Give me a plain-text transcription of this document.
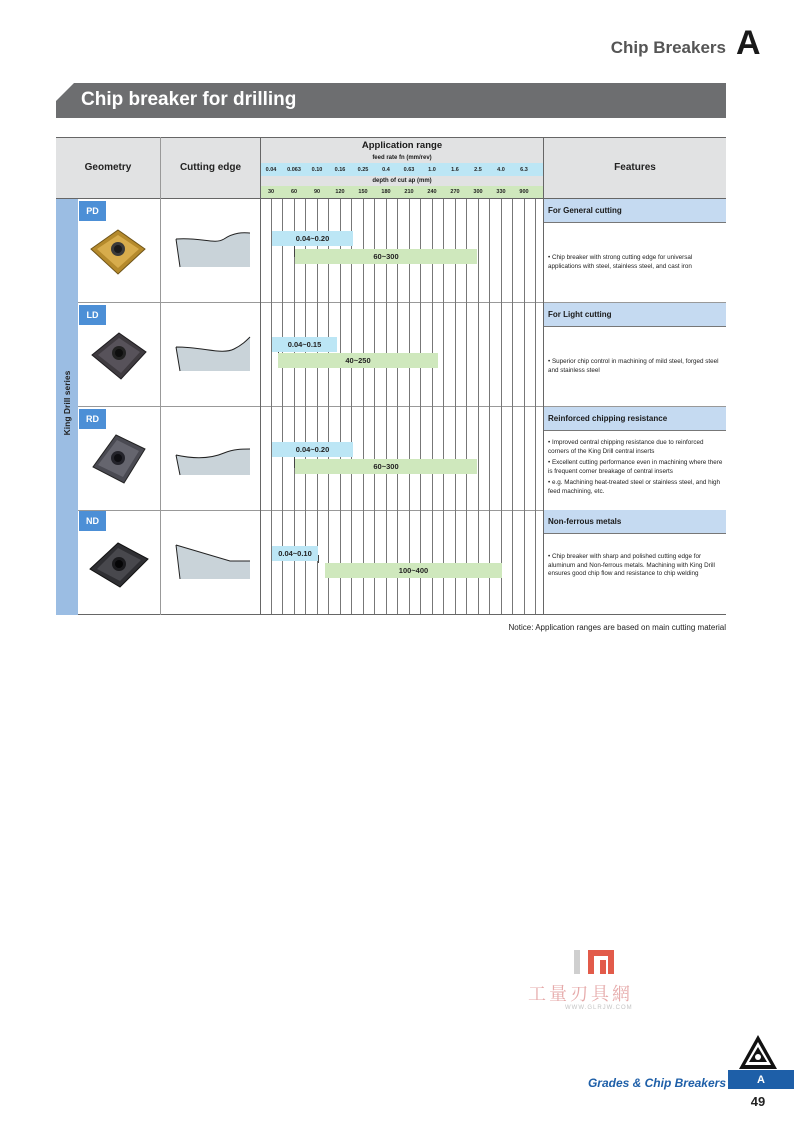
Chip Breakers A
Chip breaker for drilling
Geometry	Cutting edge	Features
Application range
feed rate fn (mm/rev)
0.04	0.063	0.10	0.16	0.25	0.4	0.63	1.0	1.6	2.5	4.0	6.3
depth of cut ap (mm)
30	60	90	120	150	180	210	240	270	300	330	900
King Drill series
PD
0.04~0.20
60~300
For General cutting

• Chip breaker with strong cutting edge for universal applications with steel, stainless steel, and cast iron

LD
0.04~0.15
40~250
For Light cutting

• Superior chip control in machining of mild steel, forged steel and stainless steel

RD
0.04~0.20
60~300
Reinforced chipping resistance

• Improved central chipping resistance due to reinforced corners of the King Drill central inserts

• Excellent cutting performance even in machining where there is frequent corner breakage of central inserts

• e.g. Machining heat-treated steel or stainless steel, and high feed machining, etc.

ND
0.04~0.10
100~400
Non-ferrous metals

• Chip breaker with sharp and polished cutting edge for aluminum and Non-ferrous metals. Machining with King Drill ensures good chip flow and resistance to chip welding

Notice: Application ranges are based on main cutting material
工量刃具網
WWW.GLRJW.COM
Grades & Chip Breakers	A
49
